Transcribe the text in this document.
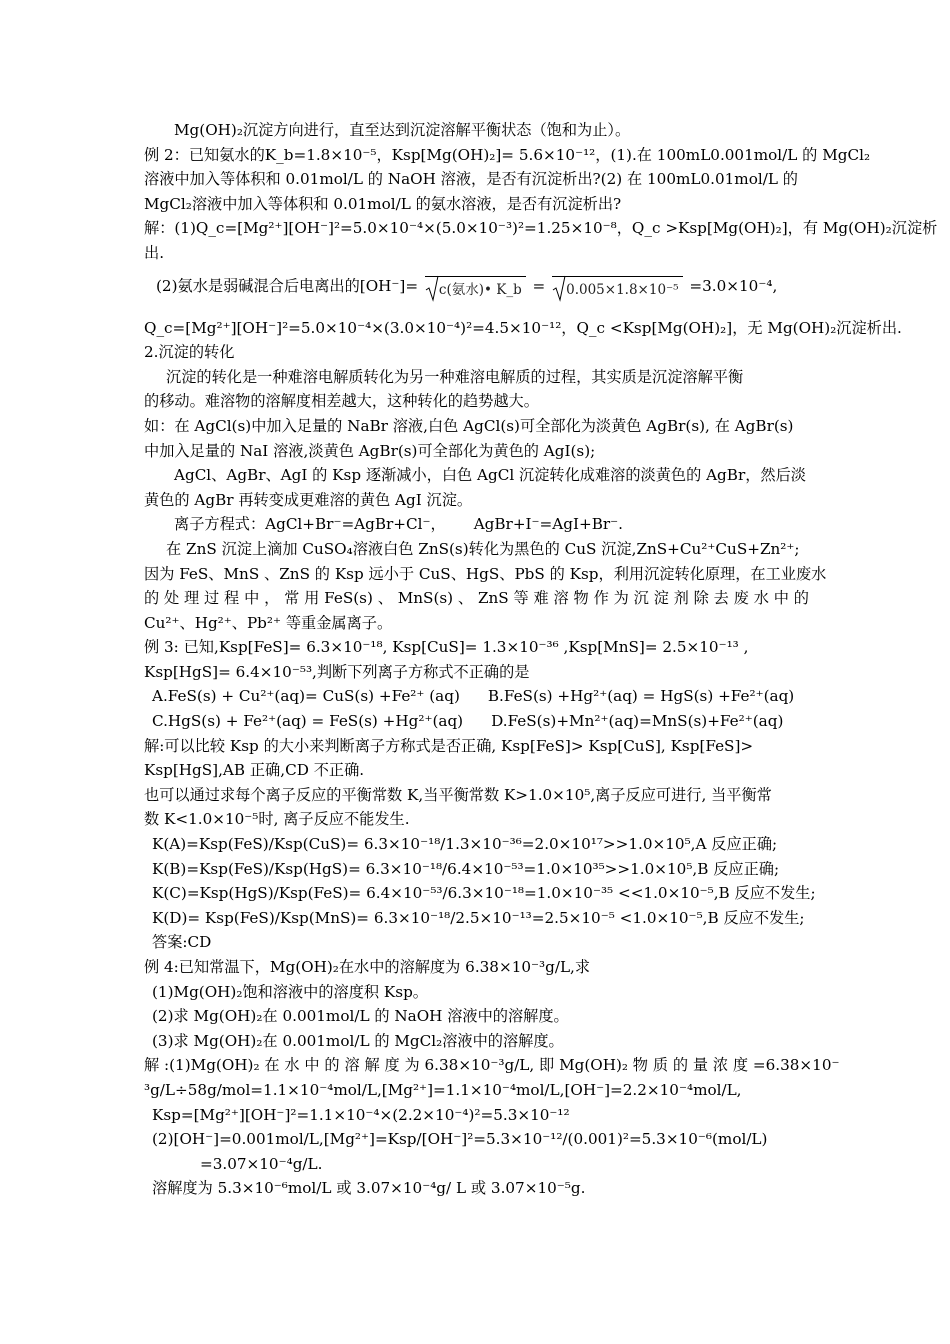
Mg(OH)₂沉淀方向进行，直至达到沉淀溶解平衡状态（饱和为止）。
例 2：已知氨水的K_b=1.8×10⁻⁵，Ksp[Mg(OH)₂]= 5.6×10⁻¹²，(1).在 100mL0.001mol/L 的 MgCl₂
溶液中加入等体积和 0.01mol/L 的 NaOH 溶液，是否有沉淀析出?(2) 在 100mL0.01mol/L 的
MgCl₂溶液中加入等体积和 0.01mol/L 的氨水溶液，是否有沉淀析出?
解：(1)Q_c=[Mg²⁺][OH⁻]²=5.0×10⁻⁴×(5.0×10⁻³)²=1.25×10⁻⁸，Q_c >Ksp[Mg(OH)₂]，有 Mg(OH)₂沉淀析
出.
(2)氨水是弱碱混合后电离出的[OH⁻]= c(氨水)• K_b = 0.005×1.8×10⁻⁵ =3.0×10⁻⁴,
Q_c=[Mg²⁺][OH⁻]²=5.0×10⁻⁴×(3.0×10⁻⁴)²=4.5×10⁻¹²，Q_c <Ksp[Mg(OH)₂]，无 Mg(OH)₂沉淀析出.
2.沉淀的转化
沉淀的转化是一种难溶电解质转化为另一种难溶电解质的过程，其实质是沉淀溶解平衡
的移动。难溶物的溶解度相差越大，这种转化的趋势越大。
如：在 AgCl(s)中加入足量的 NaBr 溶液,白色 AgCl(s)可全部化为淡黄色 AgBr(s), 在 AgBr(s)
中加入足量的 NaI 溶液,淡黄色 AgBr(s)可全部化为黄色的 AgI(s);
AgCl、AgBr、AgI 的 Ksp 逐渐减小，白色 AgCl 沉淀转化成难溶的淡黄色的 AgBr，然后淡
黄色的 AgBr 再转变成更难溶的黄色 AgI 沉淀。
离子方程式：AgCl+Br⁻=AgBr+Cl⁻， AgBr+I⁻=AgI+Br⁻.
在 ZnS 沉淀上滴加 CuSO₄溶液白色 ZnS(s)转化为黑色的 CuS 沉淀,ZnS+Cu²⁺CuS+Zn²⁺;
因为 FeS、MnS 、ZnS 的 Ksp 远小于 CuS、HgS、PbS 的 Ksp，利用沉淀转化原理，在工业废水
的 处 理 过 程 中 ， 常 用 FeS(s) 、 MnS(s) 、 ZnS 等 难 溶 物 作 为 沉 淀 剂 除 去 废 水 中 的
Cu²⁺、Hg²⁺、Pb²⁺ 等重金属离子。
例 3: 已知,Ksp[FeS]= 6.3×10⁻¹⁸, Ksp[CuS]= 1.3×10⁻³⁶ ,Ksp[MnS]= 2.5×10⁻¹³ ,
Ksp[HgS]= 6.4×10⁻⁵³,判断下列离子方称式不正确的是
A.FeS(s) + Cu²⁺(aq)= CuS(s) +Fe²⁺ (aq) B.FeS(s) +Hg²⁺(aq) = HgS(s) +Fe²⁺(aq)
C.HgS(s) + Fe²⁺(aq) = FeS(s) +Hg²⁺(aq) D.FeS(s)+Mn²⁺(aq)=MnS(s)+Fe²⁺(aq)
解:可以比较 Ksp 的大小来判断离子方称式是否正确, Ksp[FeS]> Ksp[CuS], Ksp[FeS]>
Ksp[HgS],AB 正确,CD 不正确.
也可以通过求每个离子反应的平衡常数 K,当平衡常数 K>1.0×10⁵,离子反应可进行, 当平衡常
数 K<1.0×10⁻⁵时, 离子反应不能发生.
K(A)=Ksp(FeS)/Ksp(CuS)= 6.3×10⁻¹⁸/1.3×10⁻³⁶=2.0×10¹⁷>>1.0×10⁵,A 反应正确;
K(B)=Ksp(FeS)/Ksp(HgS)= 6.3×10⁻¹⁸/6.4×10⁻⁵³=1.0×10³⁵>>1.0×10⁵,B 反应正确;
K(C)=Ksp(HgS)/Ksp(FeS)= 6.4×10⁻⁵³/6.3×10⁻¹⁸=1.0×10⁻³⁵ <<1.0×10⁻⁵,B 反应不发生;
K(D)= Ksp(FeS)/Ksp(MnS)= 6.3×10⁻¹⁸/2.5×10⁻¹³=2.5×10⁻⁵ <1.0×10⁻⁵,B 反应不发生;
答案:CD
例 4:已知常温下，Mg(OH)₂在水中的溶解度为 6.38×10⁻³g/L,求
(1)Mg(OH)₂饱和溶液中的溶度积 Ksp。
(2)求 Mg(OH)₂在 0.001mol/L 的 NaOH 溶液中的溶解度。
(3)求 Mg(OH)₂在 0.001mol/L 的 MgCl₂溶液中的溶解度。
解 :(1)Mg(OH)₂ 在 水 中 的 溶 解 度 为 6.38×10⁻³g/L, 即 Mg(OH)₂ 物 质 的 量 浓 度 =6.38×10⁻
³g/L÷58g/mol=1.1×10⁻⁴mol/L,[Mg²⁺]=1.1×10⁻⁴mol/L,[OH⁻]=2.2×10⁻⁴mol/L,
Ksp=[Mg²⁺][OH⁻]²=1.1×10⁻⁴×(2.2×10⁻⁴)²=5.3×10⁻¹²
(2)[OH⁻]=0.001mol/L,[Mg²⁺]=Ksp/[OH⁻]²=5.3×10⁻¹²/(0.001)²=5.3×10⁻⁶(mol/L)
=3.07×10⁻⁴g/L.
溶解度为 5.3×10⁻⁶mol/L 或 3.07×10⁻⁴g/ L 或 3.07×10⁻⁵g.
